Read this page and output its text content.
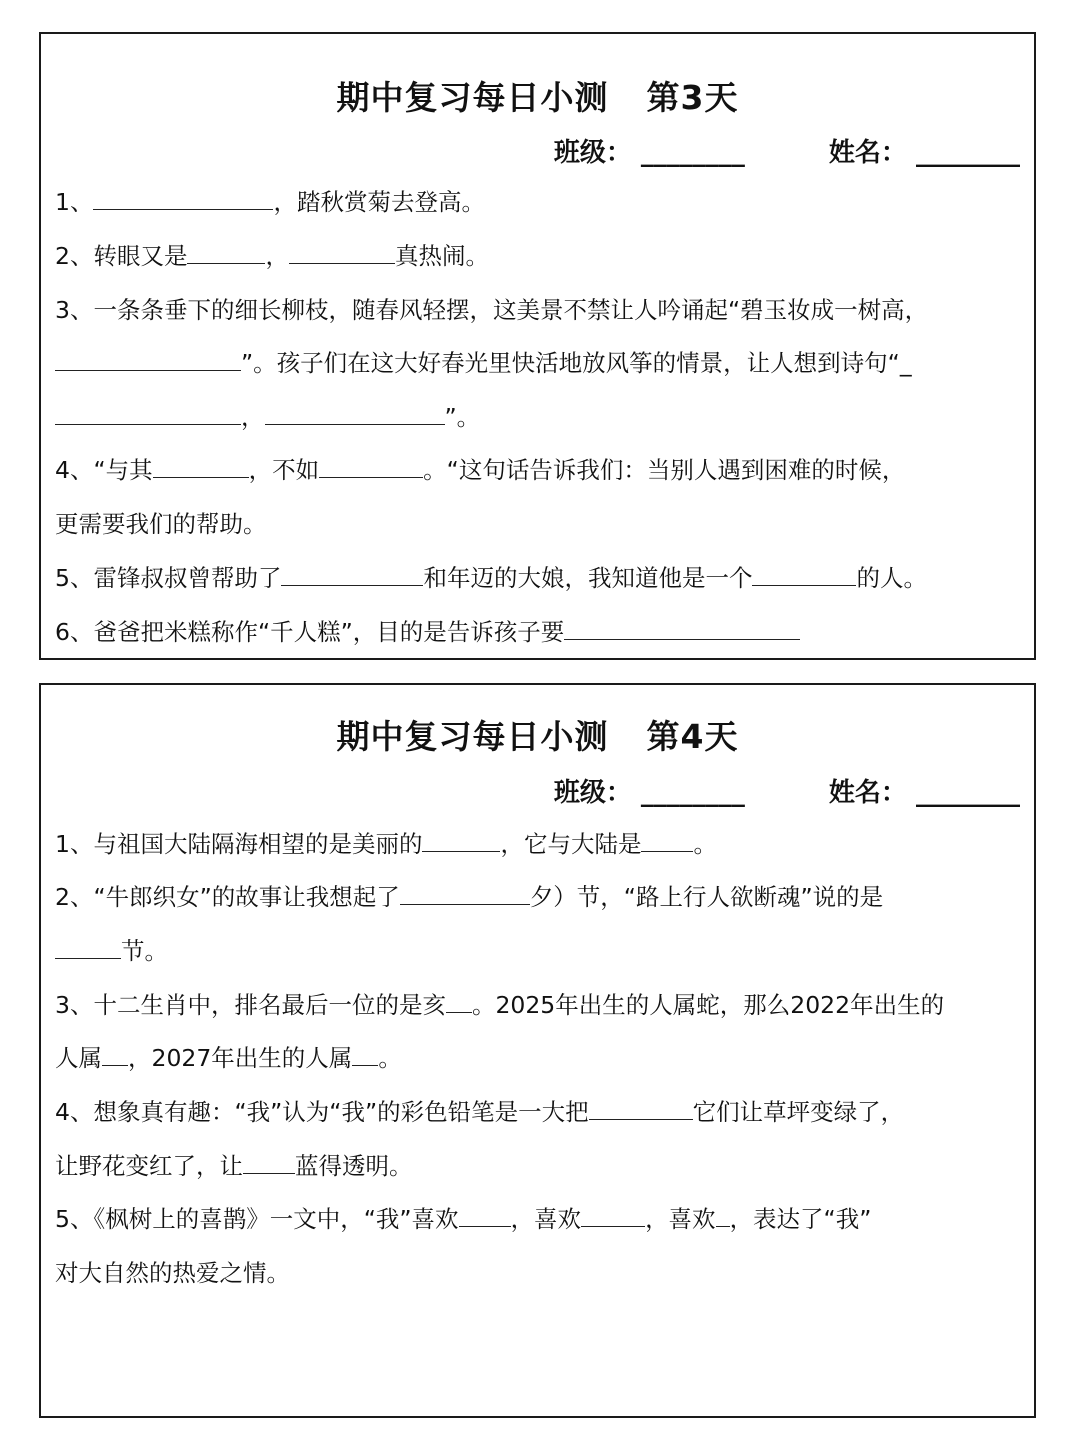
期中复习每日小测 第3天
班级： ________	姓名： ________
1、	，踏秋赏菊去登高。
2、转眼又是	，	真热闹。
3、一条条垂下的细长柳枝，随春风轻摆，这美景不禁让人吟诵起“碧玉妆成一树高，
”。孩子们在这大好春光里快活地放风筝的情景，让人想到诗句“_
，	”。
4、“与其	，不如	。“这句话告诉我们：当别人遇到困难的时候，
更需要我们的帮助。
5、雷锋叔叔曾帮助了	和年迈的大娘，我知道他是一个	的人。
6、爸爸把米糕称作“千人糕”，目的是告诉孩子要
期中复习每日小测 第4天
班级： ________	姓名： ________
1、与祖国大陆隔海相望的是美丽的	，它与大陆是 。
2、“牛郎织女”的故事让我想起了	夕）节，“路上行人欲断魂”说的是
节。
3、十二生肖中，排名最后一位的是亥 。2025年出生的人属蛇，那么2022年出生的
人属 ，2027年出生的人属 。
4、想象真有趣：“我”认为“我”的彩色铅笔是一大把	它们让草坪变绿了，
让野花变红了，让 蓝得透明。
5、《枫树上的喜鹊》一文中，“我”喜欢 ，喜欢	，喜欢 ，表达了“我”
对大自然的热爱之情。
